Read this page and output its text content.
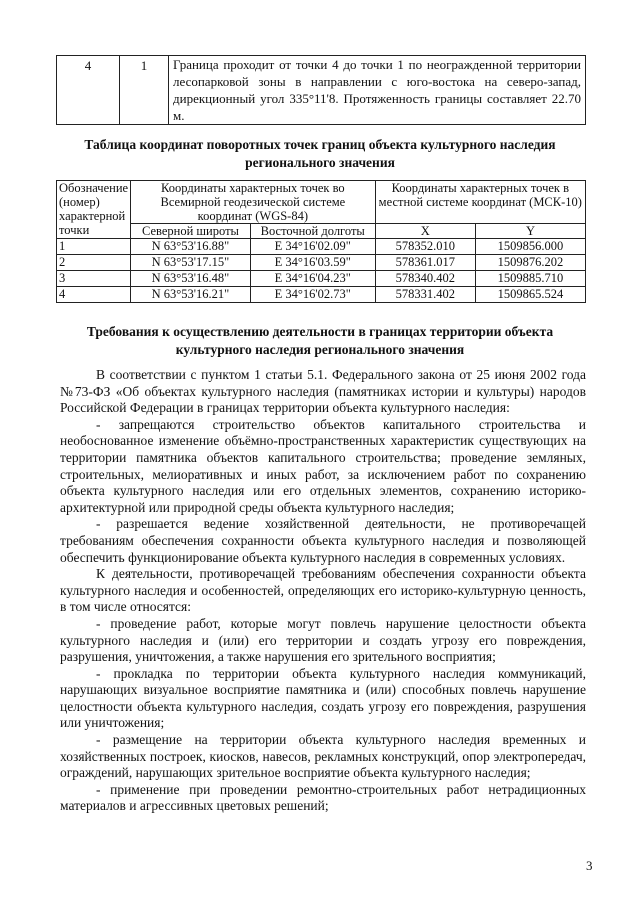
4	1	Граница проходит от точки 4 до точки 1 по неогражденной территории лесопарковой зоны в направлении с юго-востока на северо-запад, дирекционный угол 335°11'8. Протяженность границы составляет 22.70 м.
Таблица координат поворотных точек границ объекта культурного наследия регионального значения
Обозначение (номер) характерной точки	Координаты характерных точек во Всемирной геодезической системе координат (WGS-84)		Координаты характерных точек в местной системе координат (МСК-10)	
	Северной широты	Восточной долготы	X	Y
1	N 63°53'16.88"	E 34°16'02.09"	578352.010	1509856.000
2	N 63°53'17.15"	E 34°16'03.59"	578361.017	1509876.202
3	N 63°53'16.48"	E 34°16'04.23"	578340.402	1509885.710
4	N 63°53'16.21"	E 34°16'02.73"	578331.402	1509865.524
Требования к осуществлению деятельности в границах территории объекта культурного наследия регионального значения

В соответствии с пунктом 1 статьи 5.1. Федерального закона от 25 июня 2002 года №73-ФЗ «Об объектах культурного наследия (памятниках истории и культуры) народов Российской Федерации в границах территории объекта культурного наследия:

- запрещаются строительство объектов капитального строительства и необоснованное изменение объёмно-пространственных характеристик существующих на территории памятника объектов капитального строительства; проведение земляных, строительных, мелиоративных и иных работ, за исключением работ по сохранению объекта культурного наследия или его отдельных элементов, сохранению историко-архитектурной или природной среды объекта культурного наследия;

- разрешается ведение хозяйственной деятельности, не противоречащей требованиям обеспечения сохранности объекта культурного наследия и позволяющей обеспечить функционирование объекта культурного наследия в современных условиях.

К деятельности, противоречащей требованиям обеспечения сохранности объекта культурного наследия и особенностей, определяющих его историко-культурную ценность, в том числе относятся:

- проведение работ, которые могут повлечь нарушение целостности объекта культурного наследия и (или) его территории и создать угрозу его повреждения, разрушения, уничтожения, а также нарушения его зрительного восприятия;

- прокладка по территории объекта культурного наследия коммуникаций, нарушающих визуальное восприятие памятника и (или) способных повлечь нарушение целостности объекта культурного наследия, создать угрозу его повреждения, разрушения или уничтожения;

- размещение на территории объекта культурного наследия временных и хозяйственных построек, киосков, навесов, рекламных конструкций, опор электропередач, ограждений, нарушающих зрительное восприятие объекта культурного наследия;

- применение при проведении ремонтно-строительных работ нетрадиционных материалов и агрессивных цветовых решений;

3
